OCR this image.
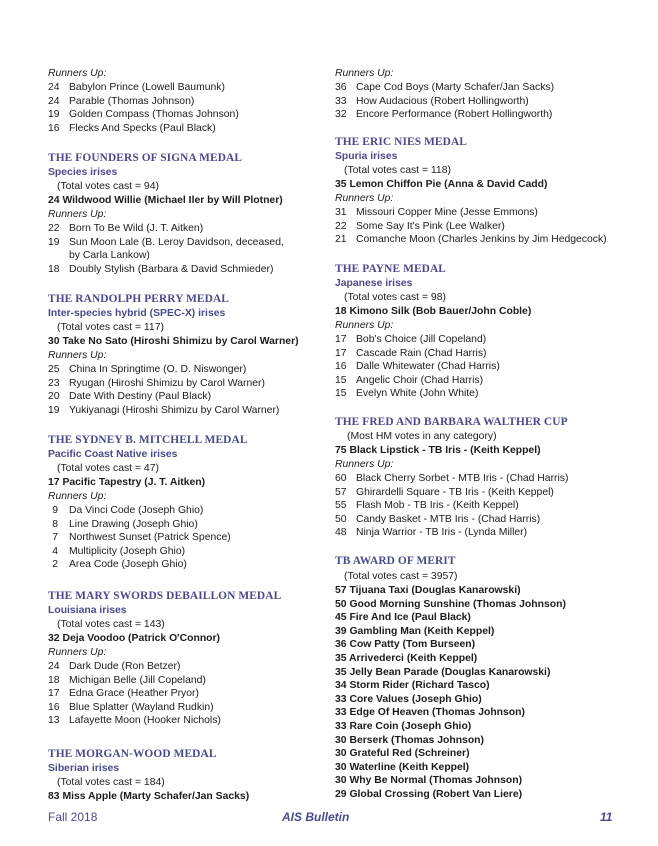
Runners Up:
24 Babylon Prince (Lowell Baumunk)
24 Parable (Thomas Johnson)
19 Golden Compass (Thomas Johnson)
16 Flecks And Specks (Paul Black)
THE FOUNDERS OF SIGNA MEDAL
Species irises
(Total votes cast = 94)
24 Wildwood Willie (Michael Iler by Will Plotner)
Runners Up:
22 Born To Be Wild (J. T. Aitken)
19 Sun Moon Lale (B. Leroy Davidson, deceased,
by Carla Lankow)
18 Doubly Stylish (Barbara & David Schmieder)
THE RANDOLPH PERRY MEDAL
Inter-species hybrid (SPEC-X) irises
(Total votes cast = 117)
30 Take No Sato (Hiroshi Shimizu by Carol Warner)
Runners Up:
25 China In Springtime (O. D. Niswonger)
23 Ryugan (Hiroshi Shimizu by Carol Warner)
20 Date With Destiny (Paul Black)
19 Yukiyanagi (Hiroshi Shimizu by Carol Warner)
THE SYDNEY B. MITCHELL MEDAL
Pacific Coast Native irises
(Total votes cast = 47)
17 Pacific Tapestry (J. T. Aitken)
Runners Up:
9 Da Vinci Code (Joseph Ghio)
8 Line Drawing (Joseph Ghio)
7 Northwest Sunset (Patrick Spence)
4 Multiplicity (Joseph Ghio)
2 Area Code (Joseph Ghio)
THE MARY SWORDS DEBAILLON MEDAL
Louisiana irises
(Total votes cast = 143)
32 Deja Voodoo (Patrick O'Connor)
Runners Up:
24 Dark Dude (Ron Betzer)
18 Michigan Belle (Jill Copeland)
17 Edna Grace (Heather Pryor)
16 Blue Splatter (Wayland Rudkin)
13 Lafayette Moon (Hooker Nichols)
THE MORGAN-WOOD MEDAL
Siberian irises
(Total votes cast = 184)
83 Miss Apple (Marty Schafer/Jan Sacks)
Runners Up:
36 Cape Cod Boys (Marty Schafer/Jan Sacks)
33 How Audacious (Robert Hollingworth)
32 Encore Performance (Robert Hollingworth)
THE ERIC NIES MEDAL
Spuria irises
(Total votes cast = 118)
35 Lemon Chiffon Pie (Anna & David Cadd)
Runners Up:
31 Missouri Copper Mine (Jesse Emmons)
22 Some Say It's Pink (Lee Walker)
21 Comanche Moon (Charles Jenkins by Jim Hedgecock)
THE PAYNE MEDAL
Japanese irises
(Total votes cast = 98)
18 Kimono Silk (Bob Bauer/John Coble)
Runners Up:
17 Bob's Choice (Jill Copeland)
17 Cascade Rain (Chad Harris)
16 Dalle Whitewater (Chad Harris)
15 Angelic Choir (Chad Harris)
15 Evelyn White (John White)
THE FRED AND BARBARA WALTHER CUP
(Most HM votes in any category)
75 Black Lipstick - TB Iris - (Keith Keppel)
Runners Up:
60 Black Cherry Sorbet - MTB Iris - (Chad Harris)
57 Ghirardelli Square - TB Iris - (Keith Keppel)
55 Flash Mob - TB Iris - (Keith Keppel)
50 Candy Basket - MTB Iris - (Chad Harris)
48 Ninja Warrior - TB Iris - (Lynda Miller)
TB AWARD OF MERIT
(Total votes cast = 3957)
57 Tijuana Taxi (Douglas Kanarowski)
50 Good Morning Sunshine (Thomas Johnson)
45 Fire And Ice (Paul Black)
39 Gambling Man (Keith Keppel)
36 Cow Patty (Tom Burseen)
35 Arrivederci (Keith Keppel)
35 Jelly Bean Parade (Douglas Kanarowski)
34 Storm Rider (Richard Tasco)
33 Core Values (Joseph Ghio)
33 Edge Of Heaven (Thomas Johnson)
33 Rare Coin (Joseph Ghio)
30 Berserk (Thomas Johnson)
30 Grateful Red (Schreiner)
30 Waterline (Keith Keppel)
30 Why Be Normal (Thomas Johnson)
29 Global Crossing (Robert Van Liere)
Fall 2018	AIS Bulletin	11
